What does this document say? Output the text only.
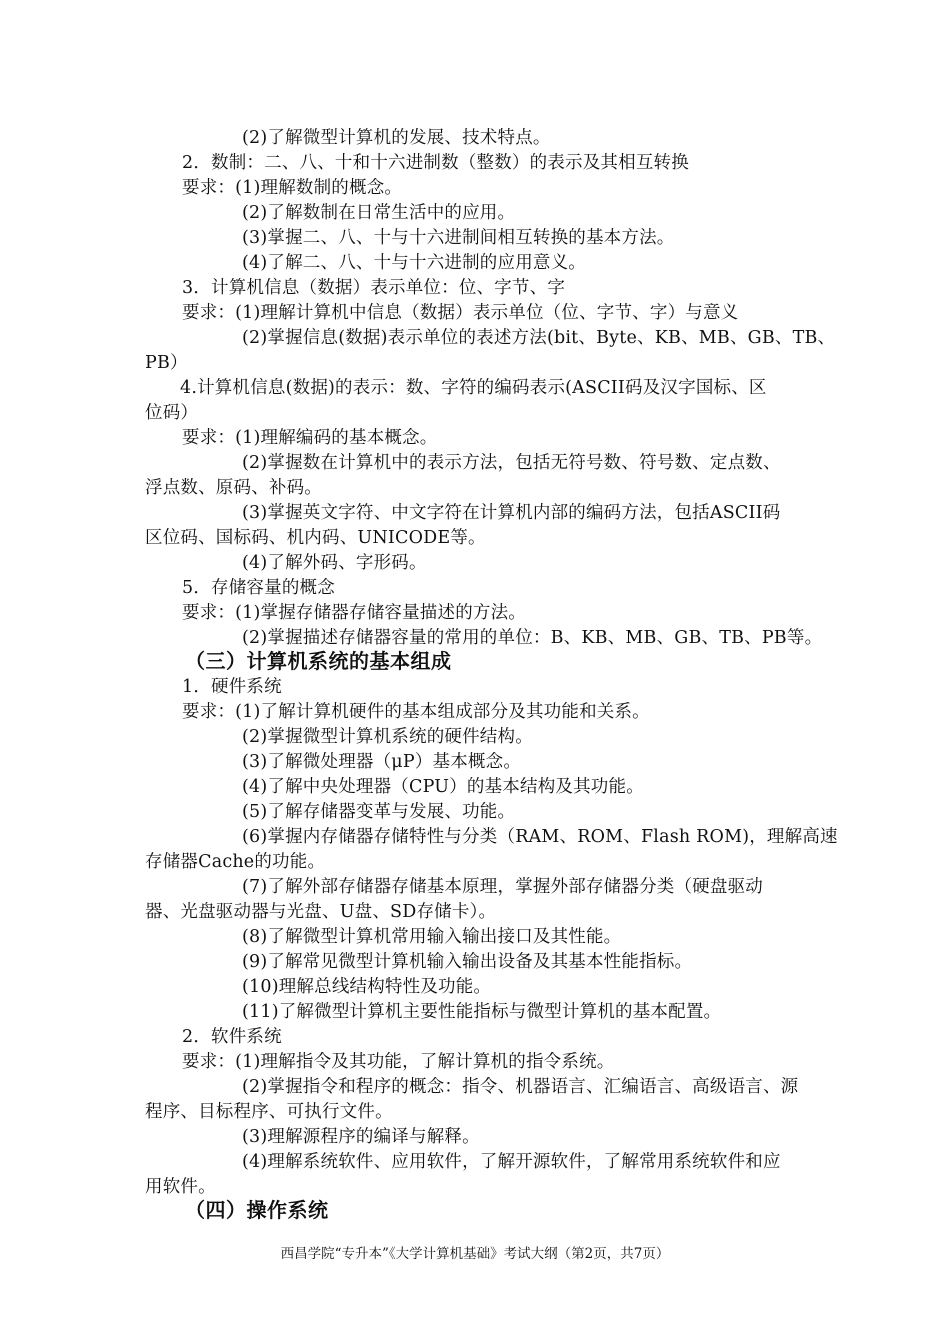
(2)了解微型计算机的发展、技术特点。
2．数制：二、八、十和十六进制数（整数）的表示及其相互转换
要求：(1)理解数制的概念。
(2)了解数制在日常生活中的应用。
(3)掌握二、八、十与十六进制间相互转换的基本方法。
(4)了解二、八、十与十六进制的应用意义。
3．计算机信息（数据）表示单位：位、字节、字
要求：(1)理解计算机中信息（数据）表示单位（位、字节、字）与意义
(2)掌握信息(数据)表示单位的表述方法(bit、Byte、KB、MB、GB、TB、
PB）
4.计算机信息(数据)的表示：数、字符的编码表示(ASCII码及汉字国标、区
位码）
要求：(1)理解编码的基本概念。
(2)掌握数在计算机中的表示方法，包括无符号数、符号数、定点数、
浮点数、原码、补码。
(3)掌握英文字符、中文字符在计算机内部的编码方法，包括ASCII码
区位码、国标码、机内码、UNICODE等。
(4)了解外码、字形码。
5．存储容量的概念
要求：(1)掌握存储器存储容量描述的方法。
(2)掌握描述存储器容量的常用的单位：B、KB、MB、GB、TB、PB等。
（三）计算机系统的基本组成
1．硬件系统
要求：(1)了解计算机硬件的基本组成部分及其功能和关系。
(2)掌握微型计算机系统的硬件结构。
(3)了解微处理器（μP）基本概念。
(4)了解中央处理器（CPU）的基本结构及其功能。
(5)了解存储器变革与发展、功能。
(6)掌握内存储器存储特性与分类（RAM、ROM、Flash ROM)，理解高速
存储器Cache的功能。
(7)了解外部存储器存储基本原理，掌握外部存储器分类（硬盘驱动
器、光盘驱动器与光盘、U盘、SD存储卡）。
(8)了解微型计算机常用输入输出接口及其性能。
(9)了解常见微型计算机输入输出设备及其基本性能指标。
(10)理解总线结构特性及功能。
(11)了解微型计算机主要性能指标与微型计算机的基本配置。
2．软件系统
要求：(1)理解指令及其功能，了解计算机的指令系统。
(2)掌握指令和程序的概念：指令、机器语言、汇编语言、高级语言、源
程序、目标程序、可执行文件。
(3)理解源程序的编译与解释。
(4)理解系统软件、应用软件，了解开源软件，了解常用系统软件和应
用软件。
（四）操作系统
西昌学院“专升本”《大学计算机基础》考试大纲（第2页，共7页）
